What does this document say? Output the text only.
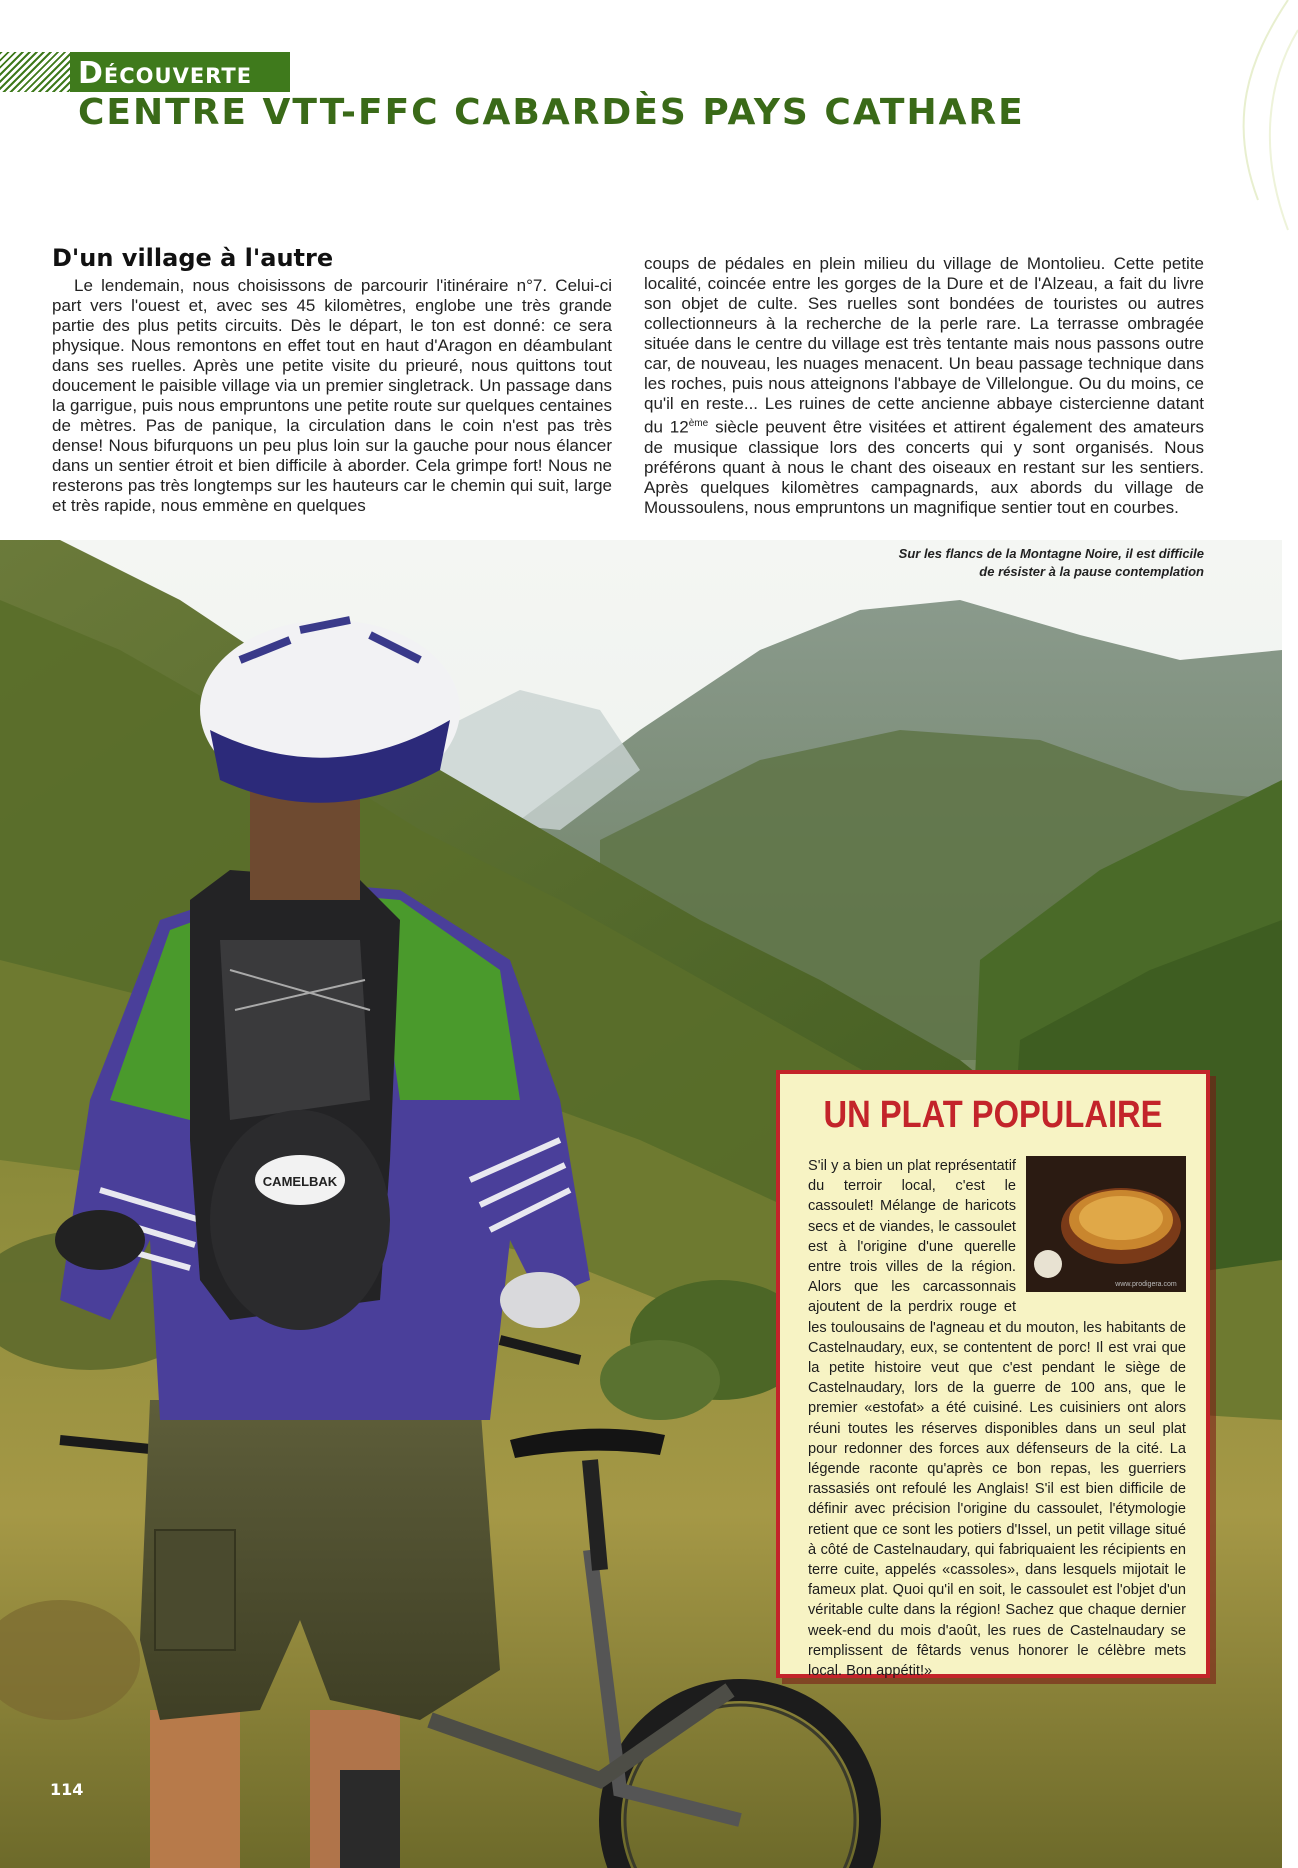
Découverte
CENTRE VTT-FFC CABARDÈS PAYS CATHARE
D'un village à l'autre

Le lendemain, nous choisissons de parcourir l'itinéraire n°7. Celui-ci part vers l'ouest et, avec ses 45 kilomètres, englobe une très grande partie des plus petits circuits. Dès le départ, le ton est donné: ce sera physique. Nous remontons en effet tout en haut d'Aragon en déambulant dans ses ruelles. Après une petite visite du prieuré, nous quittons tout doucement le paisible village via un premier singletrack. Un passage dans la garrigue, puis nous empruntons une petite route sur quelques centaines de mètres. Pas de panique, la circulation dans le coin n'est pas très dense! Nous bifurquons un peu plus loin sur la gauche pour nous élancer dans un sentier étroit et bien difficile à aborder. Cela grimpe fort! Nous ne resterons pas très longtemps sur les hauteurs car le chemin qui suit, large et très rapide, nous emmène en quelques

coups de pédales en plein milieu du village de Montolieu. Cette petite localité, coincée entre les gorges de la Dure et de l'Alzeau, a fait du livre son objet de culte. Ses ruelles sont bondées de touristes ou autres collectionneurs à la recherche de la perle rare. La terrasse ombragée située dans le centre du village est très tentante mais nous passons outre car, de nouveau, les nuages menacent. Un beau passage technique dans les roches, puis nous atteignons l'abbaye de Villelongue. Ou du moins, ce qu'il en reste... Les ruines de cette ancienne abbaye cistercienne datant du 12ème siècle peuvent être visitées et attirent également des amateurs de musique classique lors des concerts qui y sont organisés. Nous préférons quant à nous le chant des oiseaux en restant sur les sentiers. Après quelques kilomètres campagnards, aux abords du village de Moussoulens, nous empruntons un magnifique sentier tout en courbes.

CAMELBAK
Sur les flancs de la Montagne Noire, il est difficile
de résister à la pause contemplation
UN PLAT POPULAIRE
www.prodigera.com

S'il y a bien un plat représentatif du terroir local, c'est le cassoulet! Mélange de haricots secs et de viandes, le cassoulet est à l'origine d'une querelle entre trois villes de la région. Alors que les carcassonnais ajoutent de la perdrix rouge et les toulousains de l'agneau et du mouton, les habitants de Castelnaudary, eux, se contentent de porc! Il est vrai que la petite histoire veut que c'est pendant le siège de Castelnaudary, lors de la guerre de 100 ans, que le premier «estofat» a été cuisiné. Les cuisiniers ont alors réuni toutes les réserves disponibles dans un seul plat pour redonner des forces aux défenseurs de la cité. La légende raconte qu'après ce bon repas, les guerriers rassasiés ont refoulé les Anglais! S'il est bien difficile de définir avec précision l'origine du cassoulet, l'étymologie retient que ce sont les potiers d'Issel, un petit village situé à côté de Castelnaudary, qui fabriquaient les récipients en terre cuite, appelés «cassoles», dans lesquels mijotait le fameux plat. Quoi qu'il en soit, le cassoulet est l'objet d'un véritable culte dans la région! Sachez que chaque dernier week-end du mois d'août, les rues de Castelnaudary se remplissent de fêtards venus honorer le célèbre mets local. Bon appétit!»

114
